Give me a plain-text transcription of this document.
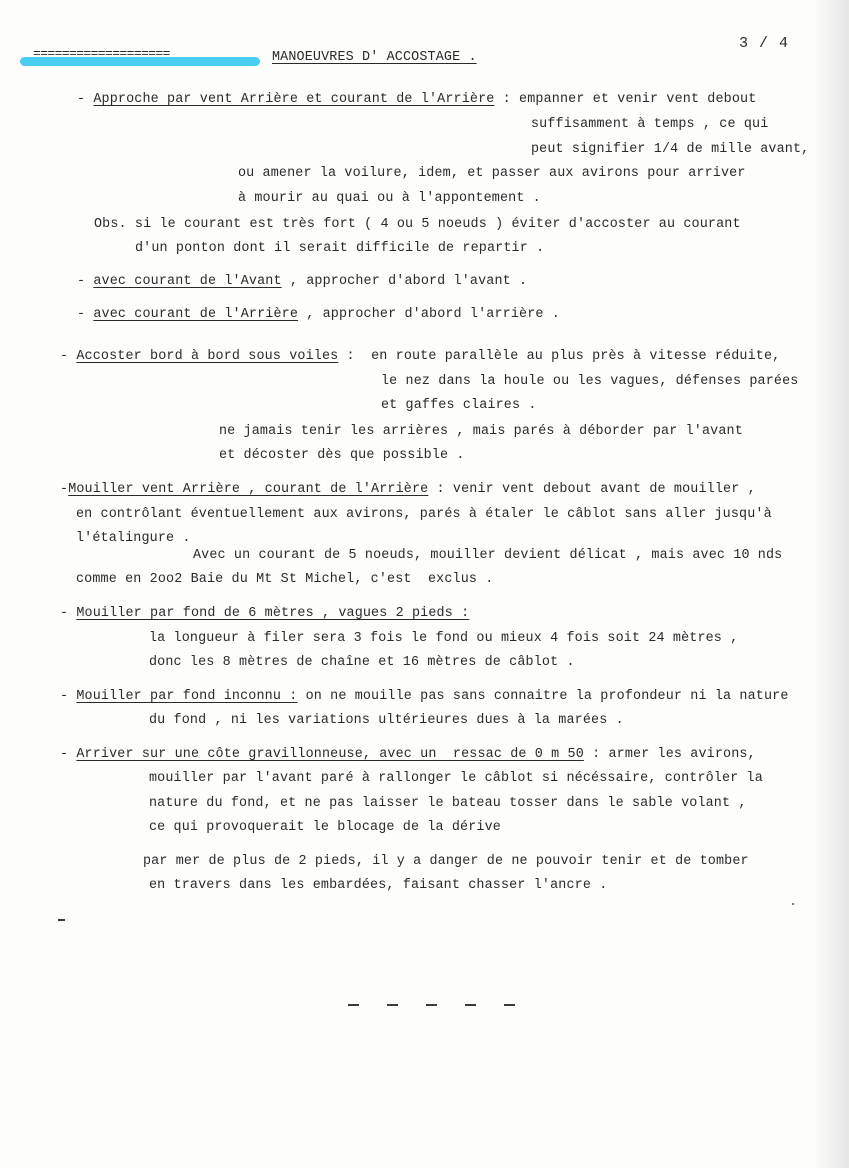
===================	MANOEUVRES D' ACCOSTAGE .
3 / 4
- Approche par vent Arrière et courant de l'Arrière : empanner et venir vent debout
suffisamment à temps , ce qui
peut signifier 1/4 de mille avant,
ou amener la voilure, idem, et passer aux avirons pour arriver
à mourir au quai ou à l'appontement .
Obs. si le courant est très fort ( 4 ou 5 noeuds ) éviter d'accoster au courant
d'un ponton dont il serait difficile de repartir .
- avec courant de l'Avant , approcher d'abord l'avant .
- avec courant de l'Arrière , approcher d'abord l'arrière .
- Accoster bord à bord sous voiles :  en route parallèle au plus près à vitesse réduite,
le nez dans la houle ou les vagues, défenses parées
et gaffes claires .
ne jamais tenir les arrières , mais parés à déborder par l'avant
et décoster dès que possible .
-Mouiller vent Arrière , courant de l'Arrière : venir vent debout avant de mouiller ,
en contrôlant éventuellement aux avirons, parés à étaler le câblot sans aller jusqu'à
l'étalingure .
Avec un courant de 5 noeuds, mouiller devient délicat , mais avec 10 nds
comme en 2oo2 Baie du Mt St Michel, c'est  exclus .
- Mouiller par fond de 6 mètres , vagues 2 pieds :
la longueur à filer sera 3 fois le fond ou mieux 4 fois soit 24 mètres ,
donc les 8 mètres de chaîne et 16 mètres de câblot .
- Mouiller par fond inconnu : on ne mouille pas sans connaitre la profondeur ni la nature
du fond , ni les variations ultérieures dues à la marées .
- Arriver sur une côte gravillonneuse, avec un  ressac de 0 m 50 : armer les avirons,
mouiller par l'avant paré à rallonger le câblot si nécéssaire, contrôler la
nature du fond, et ne pas laisser le bateau tosser dans le sable volant ,
ce qui provoquerait le blocage de la dérive
par mer de plus de 2 pieds, il y a danger de ne pouvoir tenir et de tomber
en travers dans les embardées, faisant chasser l'ancre .
